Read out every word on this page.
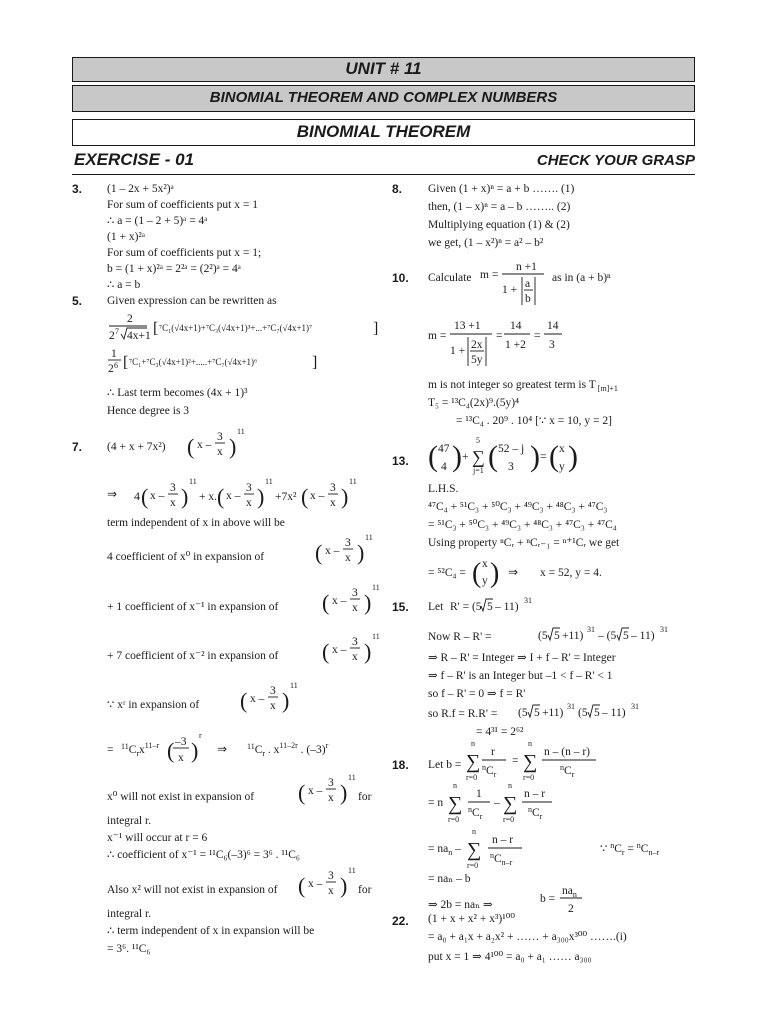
UNIT # 11
BINOMIAL THEOREM AND COMPLEX NUMBERS
BINOMIAL THEOREM
EXERCISE - 01	CHECK YOUR GRASP
3.	(1 – 2x + 5x²)ᵃ
For sum of coefficients put x = 1
∴ a = (1 – 2 + 5)ᵃ = 4ᵃ
(1 + x)²ᵃ
For sum of coefficients put x = 1;
b = (1 + x)²ᵃ = 2²ᵃ = (2²)ᵃ = 4ᵃ
∴ a = b
5.	Given expression can be rewritten as
2
2 7 4x+1 [ ⁷C₁(√4x+1)+⁷C₃(√4x+1)³+...+⁷C₇(√4x+1)⁷	]
1
2 6 [ ⁷C₁+⁷C₃(√4x+1)²+.....+⁷C₇(√4x+1)⁶	]
∴ Last term becomes (4x + 1)³
Hence degree is 3
7.	(4 + x + 7x²) ( x –
3
x )
11
⇒ 4 ( x –
3
x )
11
+ x. ( x –
3
x )
11
+7x² ( x –
3
x )
11
term independent of x in above will be
4 coefficient of x⁰ in expansion of ( x –
3
x )
11
+ 1 coefficient of x⁻¹ in expansion of ( x –
3
x )
11
+ 7 coefficient of x⁻² in expansion of ( x –
3
x )
11
∵ xʳ in expansion of ( x –
3
x )
11
= $^{11}C_rx^{11-r}$ ( –3
x )
r
⇒ $^{11}C_r$ . $x^{11-2r}$ . $(-3)^r$
x⁰ will not exist in expansion of ( x –
3
x )
11
for
integral r.
x⁻¹ will occur at r = 6
∴ coefficient of x⁻¹ = ¹¹C₆(–3)⁶ = 3⁶ . ¹¹C₆
Also x² will not exist in expansion of ( x –
3
x )
11
for
integral r.
∴ term independent of x in expansion will be
= 3⁶. ¹¹C₆
8.	Given (1 + x)ⁿ = a + b ……. (1)
then, (1 – x)ⁿ = a – b …….. (2)
Multiplying equation (1) & (2)
we get, (1 – x²)ⁿ = a² – b²
10.	Calculate m =
n +1
1 + a
b
as in (a + b)ⁿ
m =
13 +1
1 + 2x
5y
=
14
1 +2
=
14
3
m is not integer so greatest term is T $_{[m]+1}$
T₅ = ¹³C₄(2x)⁹.(5y)⁴
= ¹³C₄ . 20⁹ . 10⁴ [∵ x = 10, y = 2]
13. ( 47
4 ) +
5
∑
j=1 ( 52 – j
3 ) = ( x
y )
L.H.S.
⁴⁷C₄ + ⁵¹C₃ + ⁵⁰C₃ + ⁴⁹C₃ + ⁴⁸C₃ + ⁴⁷C₃
= ⁵¹C₃ + ⁵⁰C₃ + ⁴⁹C₃ + ⁴⁸C₃ + ⁴⁷C₃ + ⁴⁷C₄
Using property ⁿCᵣ + ⁿCᵣ₋₁ = ⁿ⁺¹Cᵣ we get
= ⁵²C₄ = ( x
y ) ⇒ x = 52, y = 4.
15.	Let R' = (5 5 – 11)
31
Now R – R' =	(5 5 +11)
31
– (5 5 – 11)
31
⇒ R – R' = Integer ⇒ I + f – R' = Integer
⇒ f – R' is an Integer but –1 < f – R' < 1
so f – R' = 0 ⇒ f = R'
so R.f = R.R' = (5 5 +11)
31
(5 5 – 11)
31
= 4³¹ = 2⁶²
18.	Let b =
n
∑
r=0
r
$^nC_r$
=
n
∑
r=0
n – (n – r)
$^nC_r$
= n
n
∑
r=0
1
$^nC_r$
–
n
∑
r=0
n – r
$^nC_r$
= $na_n$ –
n
∑
r=0
n – r
$^nC_{n-r}$
∵ $^nC_r = ^nC_{n-r}$
= naₙ – b
⇒ 2b = naₙ ⇒	b =
$na_n$
2
22.	(1 + x + x² + x³)¹⁰⁰
= a₀ + a₁x + a₂x² + …… + a₃₀₀x³⁰⁰ …….(i)
put x = 1 ⇒ 4¹⁰⁰ = a₀ + a₁ …… a₃₀₀
